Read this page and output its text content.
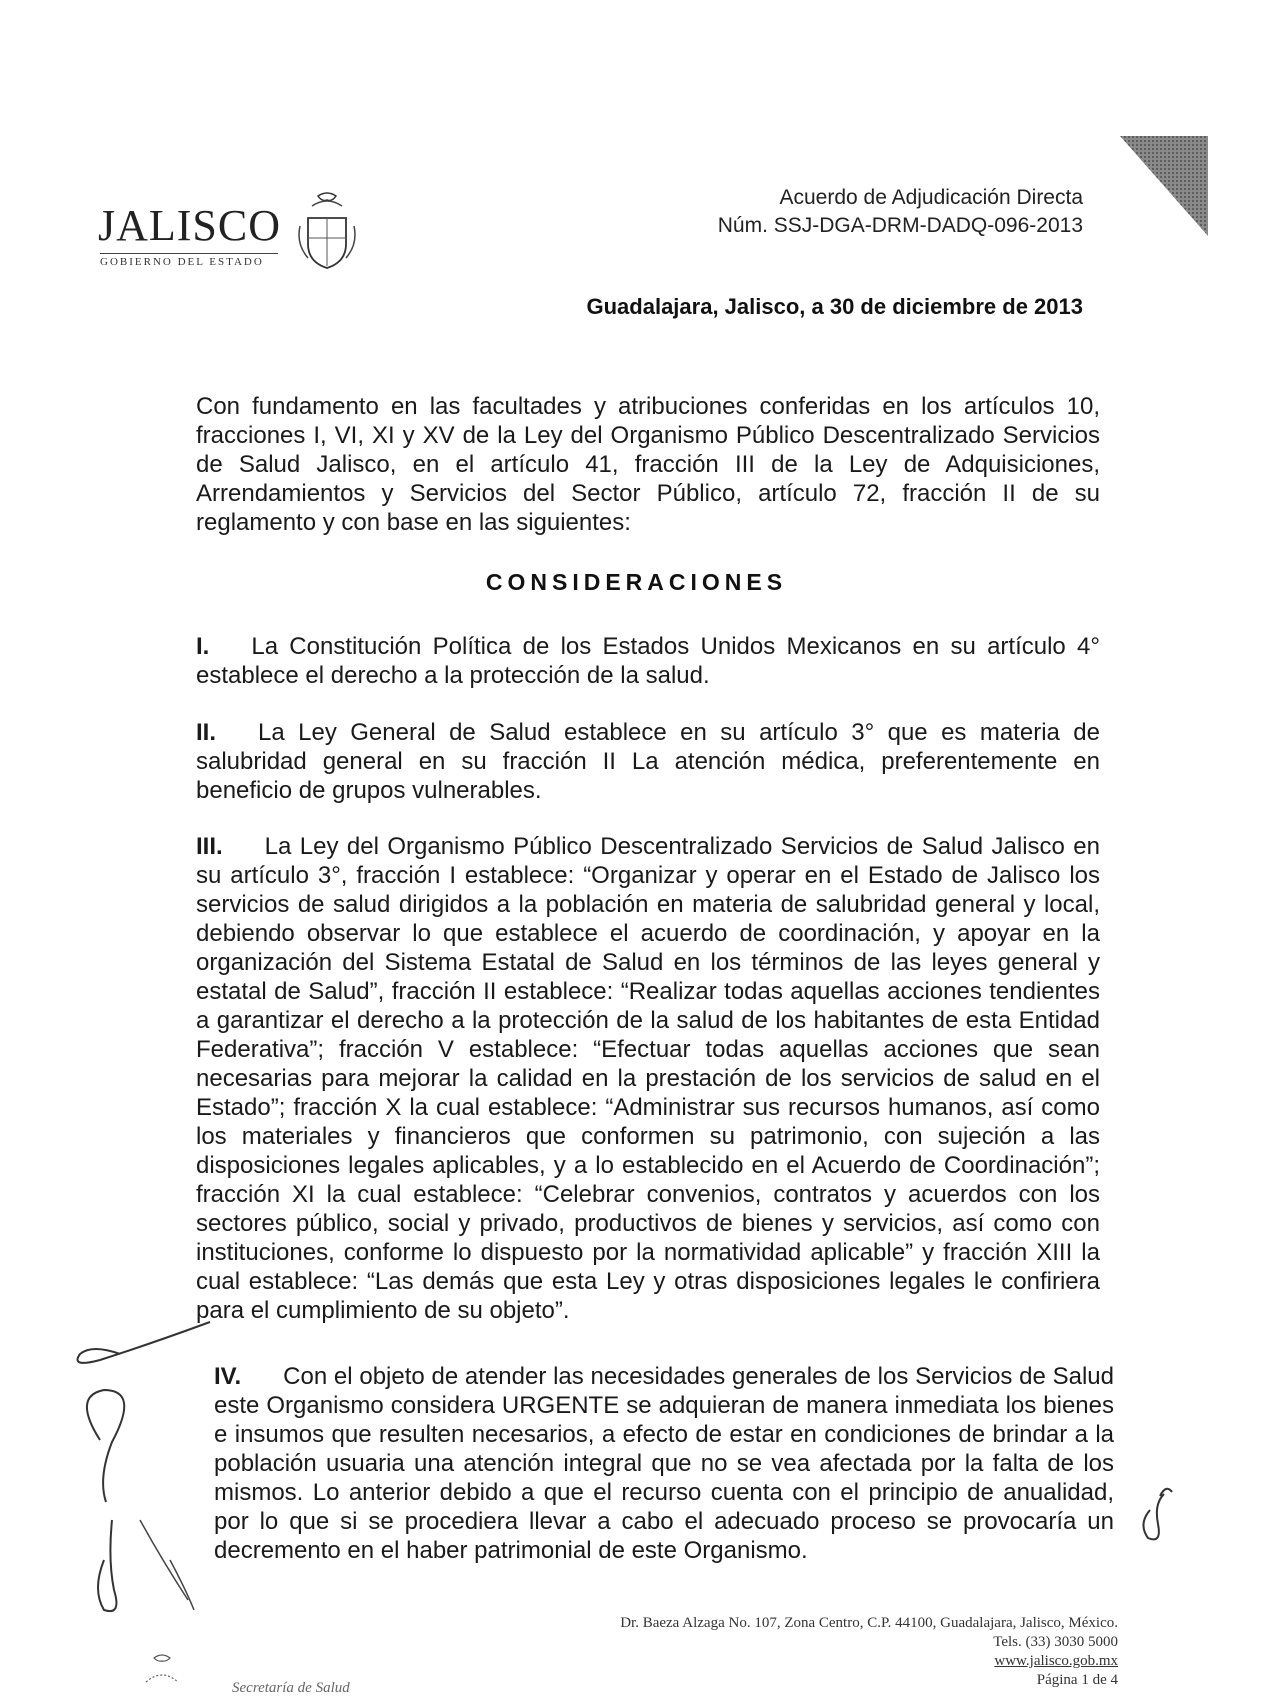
JALISCO
GOBIERNO DEL ESTADO
Acuerdo de Adjudicación Directa
Núm. SSJ-DGA-DRM-DADQ-096-2013
Guadalajara, Jalisco, a 30 de diciembre de 2013
Con fundamento en las facultades y atribuciones conferidas en los artículos 10, fracciones I, VI, XI y XV de la Ley del Organismo Público Descentralizado Servicios de Salud Jalisco, en el artículo 41, fracción III de la Ley de Adquisiciones, Arrendamientos y Servicios del Sector Público, artículo 72, fracción II de su reglamento y con base en las siguientes:
CONSIDERACIONES

I. La Constitución Política de los Estados Unidos Mexicanos en su artículo 4° establece el derecho a la protección de la salud.

II. La Ley General de Salud establece en su artículo 3° que es materia de salubridad general en su fracción II La atención médica, preferentemente en beneficio de grupos vulnerables.

III. La Ley del Organismo Público Descentralizado Servicios de Salud Jalisco en su artículo 3°, fracción I establece: “Organizar y operar en el Estado de Jalisco los servicios de salud dirigidos a la población en materia de salubridad general y local, debiendo observar lo que establece el acuerdo de coordinación, y apoyar en la organización del Sistema Estatal de Salud en los términos de las leyes general y estatal de Salud”, fracción II establece: “Realizar todas aquellas acciones tendientes a garantizar el derecho a la protección de la salud de los habitantes de esta Entidad Federativa”; fracción V establece: “Efectuar todas aquellas acciones que sean necesarias para mejorar la calidad en la prestación de los servicios de salud en el Estado”; fracción X la cual establece: “Administrar sus recursos humanos, así como los materiales y financieros que conformen su patrimonio, con sujeción a las disposiciones legales aplicables, y a lo establecido en el Acuerdo de Coordinación”; fracción XI la cual establece: “Celebrar convenios, contratos y acuerdos con los sectores público, social y privado, productivos de bienes y servicios, así como con instituciones, conforme lo dispuesto por la normatividad aplicable” y fracción XIII la cual establece: “Las demás que esta Ley y otras disposiciones legales le confiriera para el cumplimiento de su objeto”.

IV. Con el objeto de atender las necesidades generales de los Servicios de Salud este Organismo considera URGENTE se adquieran de manera inmediata los bienes e insumos que resulten necesarios, a efecto de estar en condiciones de brindar a la población usuaria una atención integral que no se vea afectada por la falta de los mismos. Lo anterior debido a que el recurso cuenta con el principio de anualidad, por lo que si se procediera llevar a cabo el adecuado proceso se provocaría un decremento en el haber patrimonial de este Organismo.

Secretaría de Salud
Dr. Baeza Alzaga No. 107, Zona Centro, C.P. 44100, Guadalajara, Jalisco, México.
Tels. (33) 3030 5000
www.jalisco.gob.mx
Página 1 de 4
